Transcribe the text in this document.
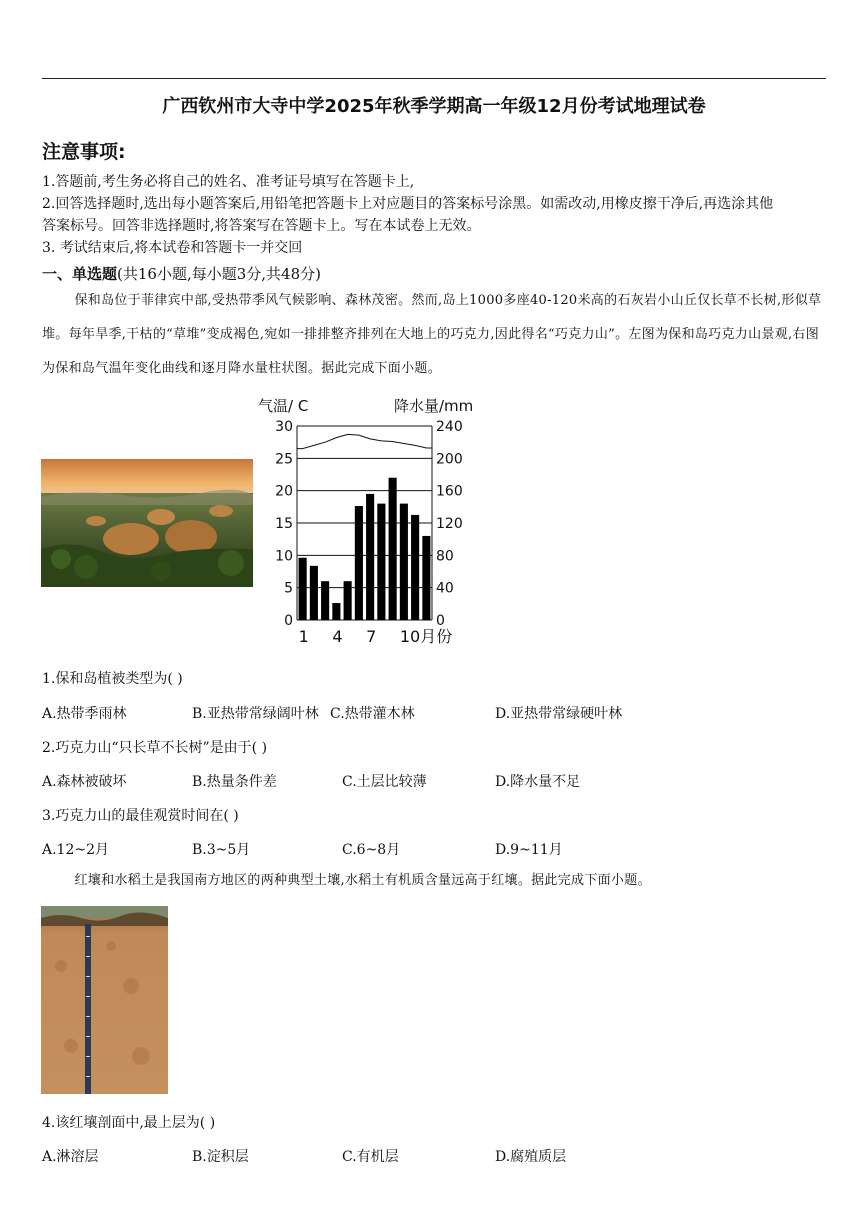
广西钦州市大寺中学2025年秋季学期高一年级12月份考试地理试卷
注意事项:
1.答题前,考生务必将自己的姓名、准考证号填写在答题卡上,
2.回答选择题时,选出每小题答案后,用铅笔把答题卡上对应题目的答案标号涂黑。如需改动,用橡皮擦干净后,再选涂其他
答案标号。回答非选择题时,将答案写在答题卡上。写在本试卷上无效。
3. 考试结束后,将本试卷和答题卡一并交回
一、单选题(共16小题,每小题3分,共48分)
保和岛位于菲律宾中部,受热带季风气候影响、森林茂密。然而,岛上1000多座40-120米高的石灰岩小山丘仅长草不长树,形似草堆。每年旱季,干枯的“草堆”变成褐色,宛如一排排整齐排列在大地上的巧克力,因此得名“巧克力山”。左图为保和岛巧克力山景观,右图为保和岛气温年变化曲线和逐月降水量柱状图。据此完成下面小题。
气温/ C	降水量/mm
0
5
10
15
20
25
30
0
40
80
120
160
200
240
1 4 7 10月份
1.保和岛植被类型为( )
A.热带季雨林	B.亚热带常绿阔叶林 C.热带灌木林	D.亚热带常绿硬叶林
2.巧克力山“只长草不长树”是由于( )
A.森林被破坏	B.热量条件差	C.土层比较薄	D.降水量不足
3.巧克力山的最佳观赏时间在( )
A.12~2月	B.3~5月	C.6~8月	D.9~11月
红壤和水稻土是我国南方地区的两种典型土壤,水稻土有机质含量远高于红壤。据此完成下面小题。
4.该红壤剖面中,最上层为( )
A.淋溶层	B.淀积层	C.有机层	D.腐殖质层
